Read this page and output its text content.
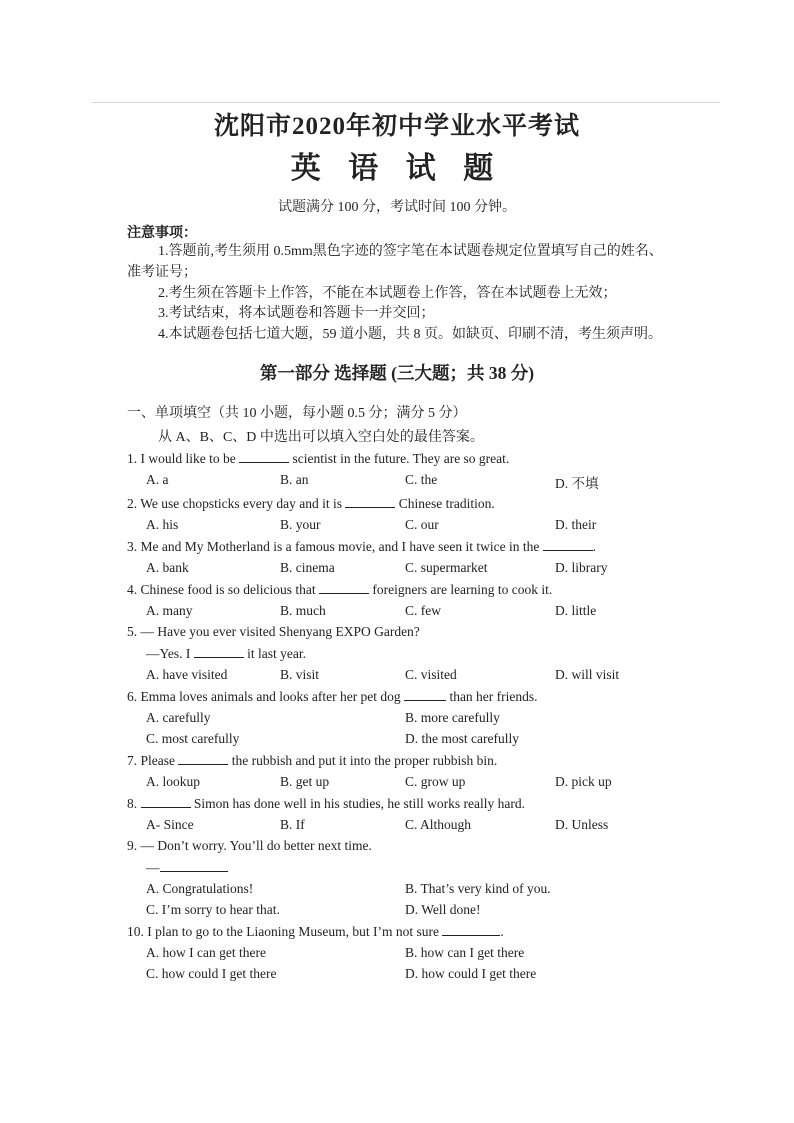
沈阳市2020年初中学业水平考试
英 语 试 题
试题满分 100 分，考试时间 100 分钟。
注意事项：
1.答题前,考生须用 0.5mm黑色字迹的签字笔在本试题卷规定位置填写自己的姓名、
准考证号；
2.考生须在答题卡上作答，不能在本试题卷上作答，答在本试题卷上无效；
3.考试结束，将本试题卷和答题卡一并交回；
4.本试题卷包括七道大题，59 道小题，共 8 页。如缺页、印刷不清，考生须声明。
第一部分 选择题 (三大题；共 38 分)
一、单项填空（共 10 小题，每小题 0.5 分；满分 5 分）
从 A、B、C、D 中选出可以填入空白处的最佳答案。
1. I would like to be	scientist in the future. They are so great.
A. a	B. an	C. the	D. 不填
2. We use chopsticks every day and it is	Chinese tradition.
A. his	B. your	C. our	D. their
3. Me and My Motherland is a famous movie, and I have seen it twice in the	.
A. bank	B. cinema	C. supermarket	D. library
4. Chinese food is so delicious that	foreigners are learning to cook it.
A. many	B. much	C. few	D. little
5. — Have you ever visited Shenyang EXPO Garden?
—Yes. I	it last year.
A. have visited	B. visit	C. visited	D. will visit
6. Emma loves animals and looks after her pet dog	than her friends.
A. carefully	B. more carefully
C. most carefully	D. the most carefully
7. Please	the rubbish and put it into the proper rubbish bin.
A. lookup	B. get up	C. grow up	D. pick up
8.	Simon has done well in his studies, he still works really hard.
A- Since	B. If	C. Although	D. Unless
9. — Don’t worry. You’ll do better next time.
—
A. Congratulations!	B. That’s very kind of you.
C. I’m sorry to hear that.	D. Well done!
10. I plan to go to the Liaoning Museum, but I’m not sure	.
A. how I can get there	B. how can I get there
C. how could I get there	D. how could I get there
